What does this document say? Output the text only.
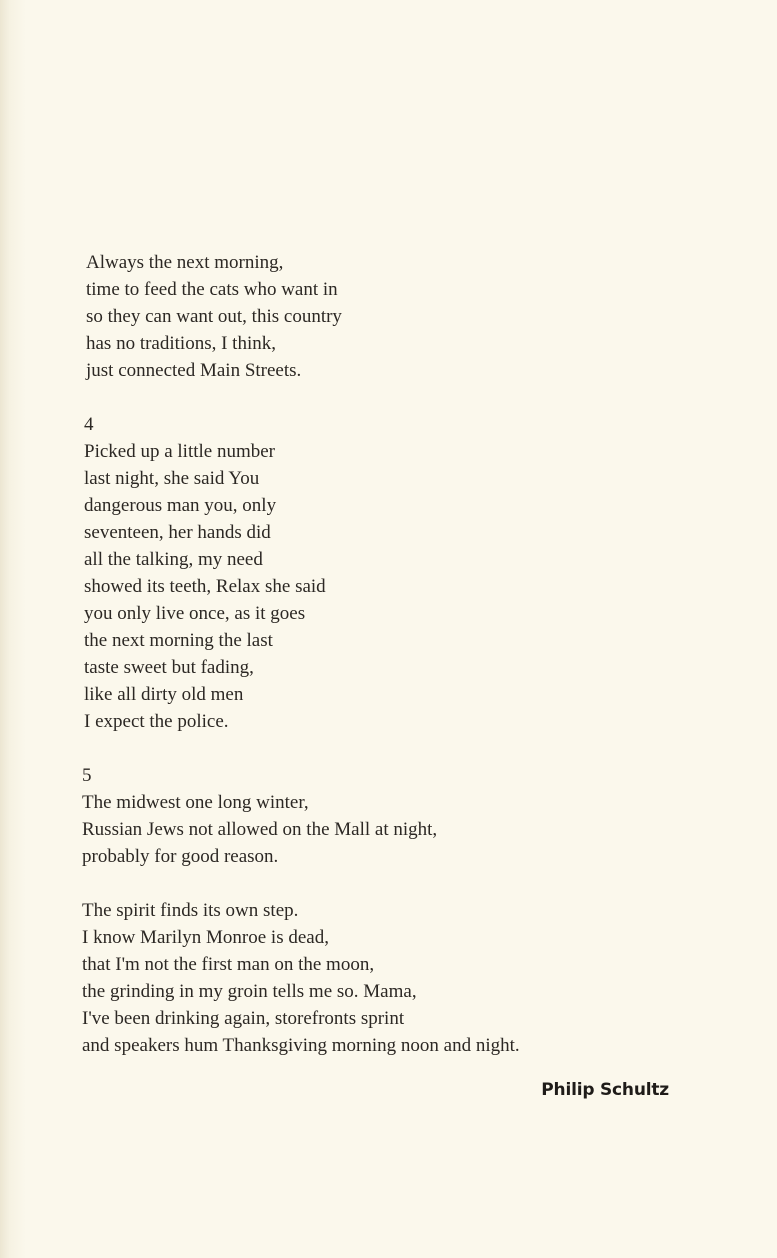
Always the next morning,
time to feed the cats who want in
so they can want out, this country
has no traditions, I think,
just connected Main Streets.
4
Picked up a little number
last night, she said You
dangerous man you, only
seventeen, her hands did
all the talking, my need
showed its teeth, Relax she said
you only live once, as it goes
the next morning the last
taste sweet but fading,
like all dirty old men
I expect the police.
5
The midwest one long winter,
Russian Jews not allowed on the Mall at night,
probably for good reason.
The spirit finds its own step.
I know Marilyn Monroe is dead,
that I'm not the first man on the moon,
the grinding in my groin tells me so. Mama,
I've been drinking again, storefronts sprint
and speakers hum Thanksgiving morning noon and night.
Philip Schultz
